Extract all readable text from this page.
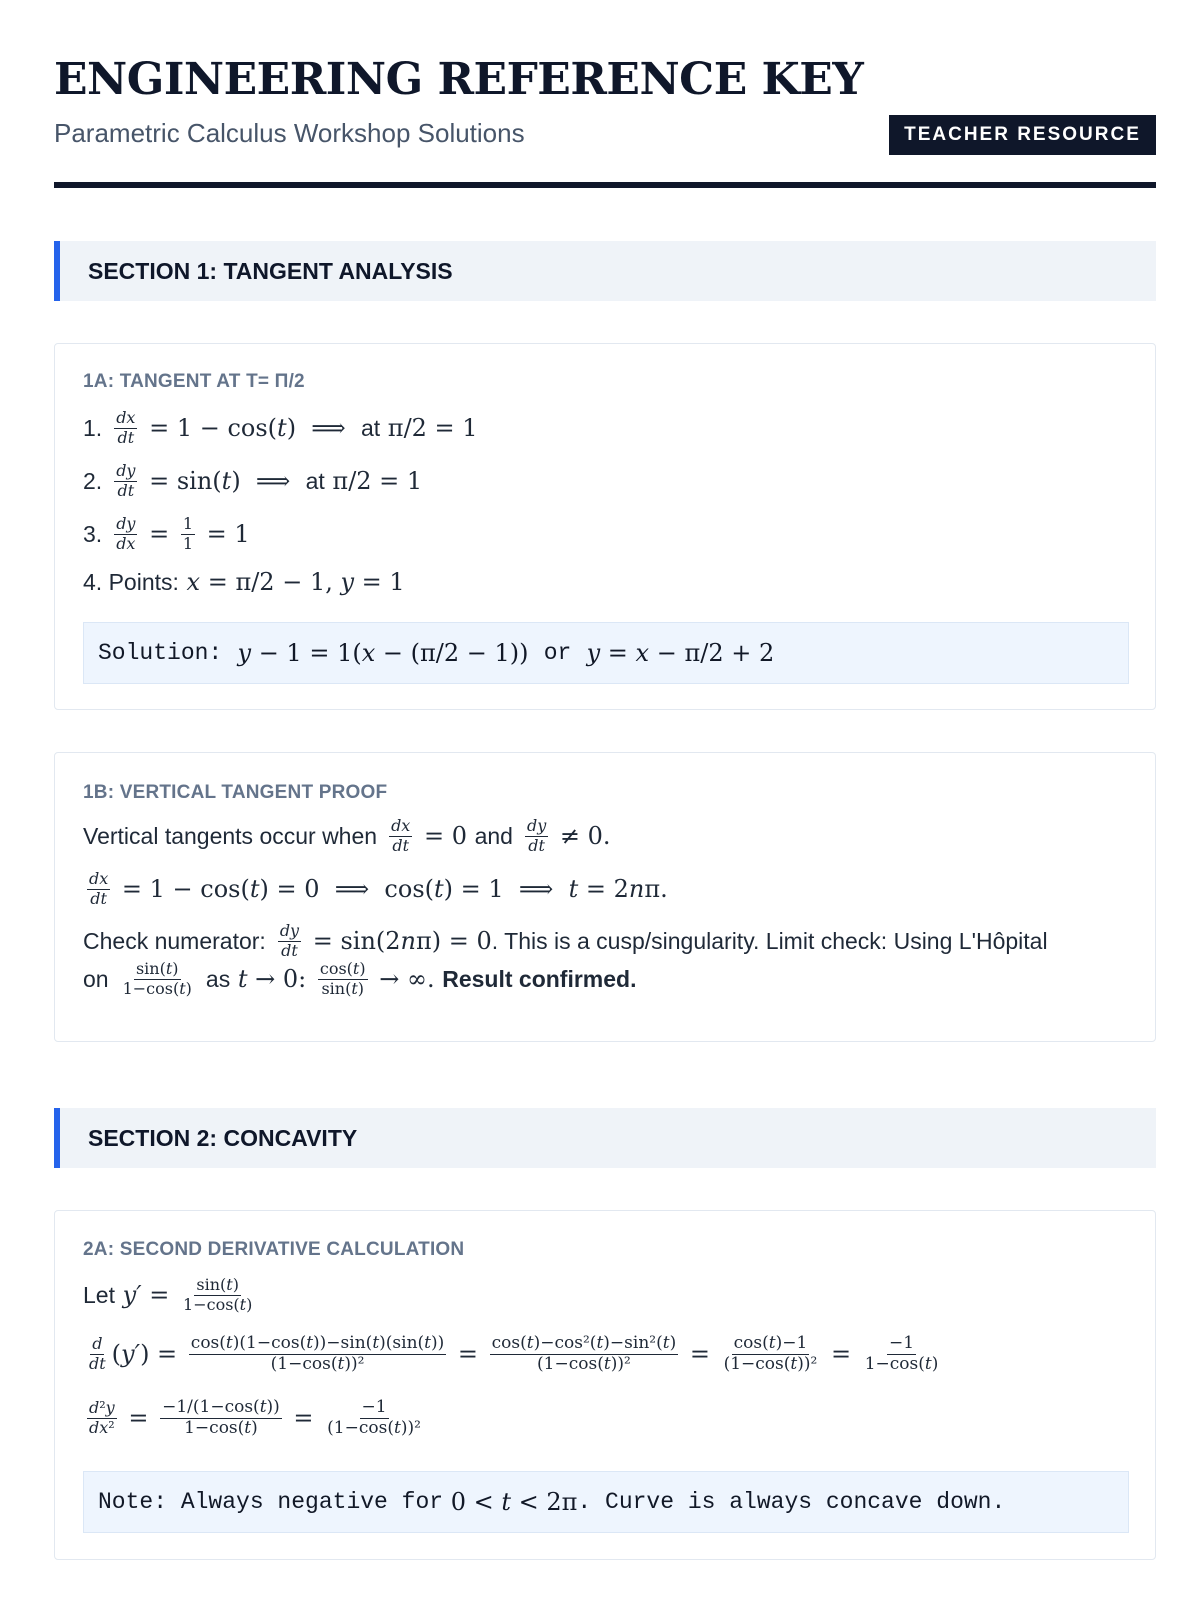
ENGINEERING REFERENCE KEY
Parametric Calculus Workshop Solutions	TEACHER RESOURCE
SECTION 1: TANGENT ANALYSIS
1A: TANGENT AT T= Π/2
1. $\frac{dx}{dt} = 1 - \cos(t)$  ⟹ at π/2 = 1
2. $\frac{dy}{dt} = \sin(t)$  ⟹ at π/2 = 1
3. $\frac{dy}{dx} = \frac{1}{1} = 1$
4. Points: x = π/2 − 1, y = 1
Solution: y − 1 = 1(x − (π/2 − 1)) or y = x − π/2 + 2
1B: VERTICAL TANGENT PROOF
Vertical tangents occur when $\frac{dx}{dt} = 0$ and $\frac{dy}{dt} \ne 0$.
$\frac{dx}{dt} = 1 - \cos(t) = 0$  ⟹  cos(t) = 1  ⟹  t = 2nπ.
Check numerator: $\frac{dy}{dt} = \sin(2n\pi) = 0$ . This is a cusp/singularity. Limit check: Using L'Hôpital
on $\frac{\sin(t)}{1-\cos(t)}$ as t → 0: $\frac{\cos(t)}{\sin(t)}$ → ∞. Result confirmed.
SECTION 2: CONCAVITY
2A: SECOND DERIVATIVE CALCULATION
Let $y' = \frac{\sin(t)}{1-\cos(t)}$
$\frac{d}{dt} (y') = \frac{\cos(t)(1-\cos(t))-\sin(t)(\sin(t))}{\text{(1−cos(t))²}} = \frac{\text{cos(t)−cos²(t)−sin²(t)}}{\text{(1−cos(t))²}} = \frac{\cos(t)-1}{\text{(1−cos(t))²}} = \frac{-1}{1-\cos(t)}$
$\frac{\text{d²y}}{\text{dx²}} = \frac{-1/(1-\cos(t))}{1-\cos(t)} = \frac{-1}{\text{(1−cos(t))²}}$
Note: Always negative for 0 < t < 2π . Curve is always concave down.
